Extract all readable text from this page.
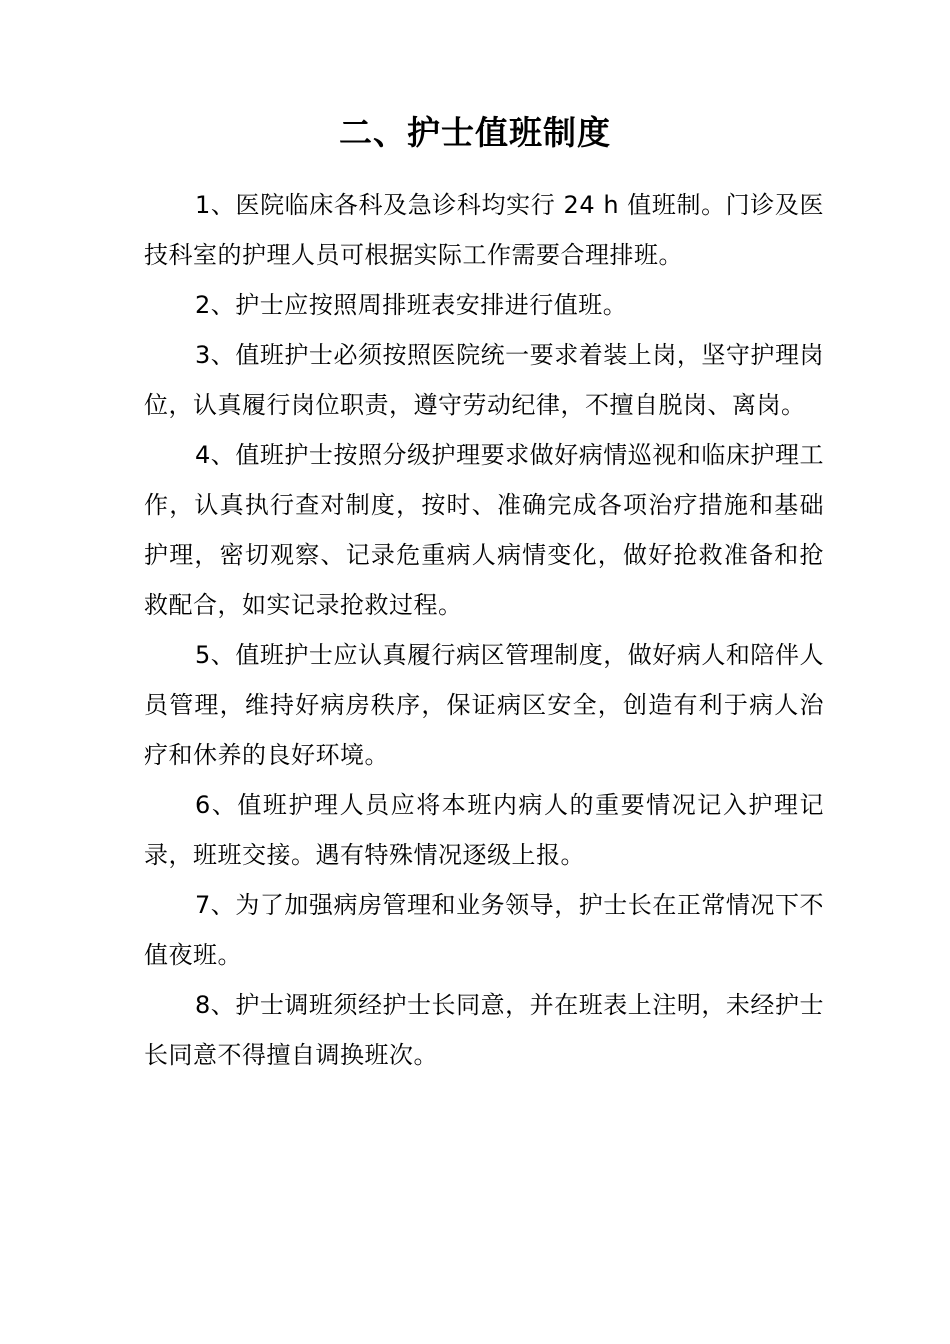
二、护士值班制度

1、医院临床各科及急诊科均实行 24 h 值班制。门诊及医技科室的护理人员可根据实际工作需要合理排班。

2、护士应按照周排班表安排进行值班。

3、值班护士必须按照医院统一要求着装上岗，坚守护理岗位，认真履行岗位职责，遵守劳动纪律，不擅自脱岗、离岗。

4、值班护士按照分级护理要求做好病情巡视和临床护理工作，认真执行查对制度，按时、准确完成各项治疗措施和基础护理，密切观察、记录危重病人病情变化，做好抢救准备和抢救配合，如实记录抢救过程。

5、值班护士应认真履行病区管理制度，做好病人和陪伴人员管理，维持好病房秩序，保证病区安全，创造有利于病人治疗和休养的良好环境。

6、值班护理人员应将本班内病人的重要情况记入护理记录，班班交接。遇有特殊情况逐级上报。

7、为了加强病房管理和业务领导，护士长在正常情况下不值夜班。

8、护士调班须经护士长同意，并在班表上注明，未经护士长同意不得擅自调换班次。
